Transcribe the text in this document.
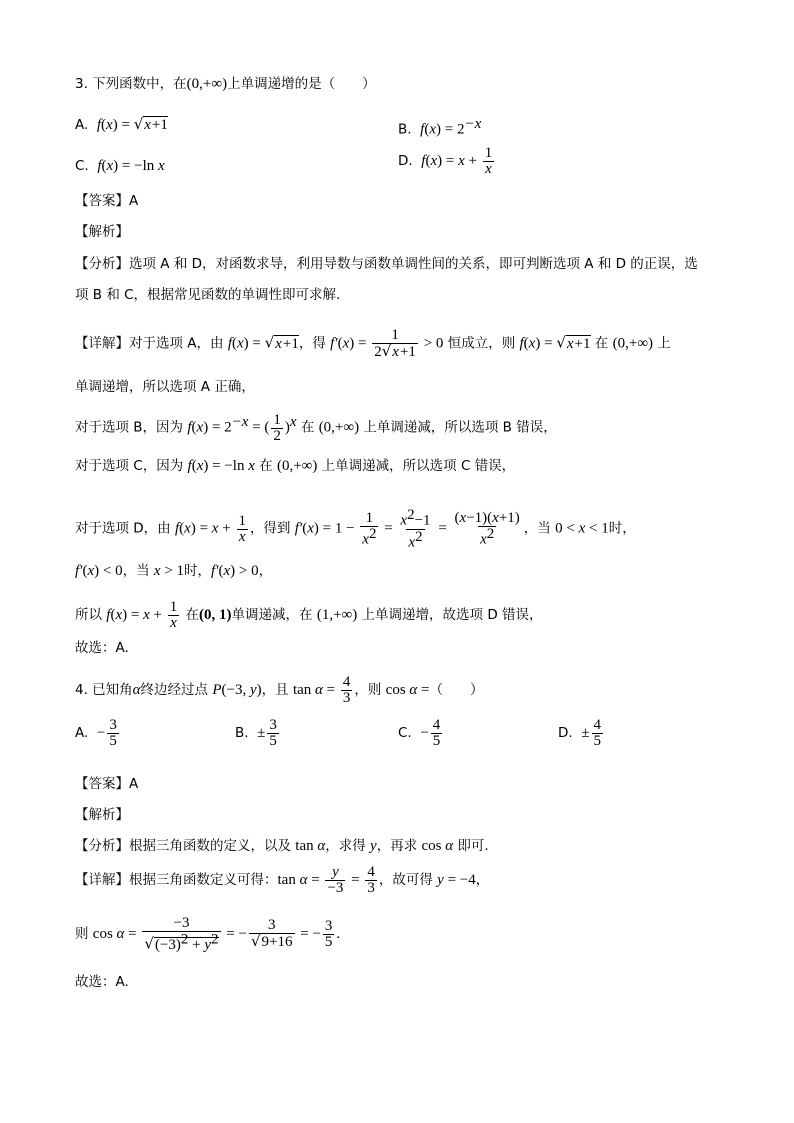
3. 下列函数中，在(0,+∞)上单调递增的是（　　）
A.  f(x) = √x+1	B.  $f(x) = 2^{-x}$
C.  f(x) = −ln x	D.  $f(x) = x + \frac{1}{x}$
【答案】A
【解析】
【分析】选项 A 和 D，对函数求导，利用导数与函数单调性间的关系，即可判断选项 A 和 D 的正误，选
项 B 和 C，根据常见函数的单调性即可求解.
【详解】对于选项 A，由 f(x) = √x+1，得 $f'(x) = \frac{1}{2√x+1} > 0$ 恒成立，则 f(x) = √x+1 在 (0,+∞) 上
单调递增，所以选项 A 正确，
对于选项 B，因为 $f(x) = 2^{-x}$ = ( $\frac{1}{2} )^x$ 在 (0,+∞) 上单调递减，所以选项 B 错误，
对于选项 C，因为 f(x) = −ln x 在 (0,+∞) 上单调递减，所以选项 C 错误，
对于选项 D，由 $f(x) = x + \frac{1}{x}$ ，得到 $f'(x) = 1 - \frac{1}{x^2} = \frac{x^2-1}{x^2} = \frac{(x-1)(x+1)}{x^2}$ ，当 0 < x < 1时，
f′(x) < 0，当 x > 1时，f′(x) > 0，
所以 $f(x) = x + \frac{1}{x}$ 在(0, 1)单调递减，在 (1,+∞) 上单调递增，故选项 D 错误，
故选：A.
4. 已知角α终边经过点 P(−3, y)，且 $\tan \alpha = \frac{4}{3}$ ，则 cos α =（　　）
A.  − $\frac{3}{5}$	B.  ± $\frac{3}{5}$	C.  − $\frac{4}{5}$	D.  ± $\frac{4}{5}$
【答案】A
【解析】
【分析】根据三角函数的定义，以及 tan α，求得 y，再求 cos α 即可.
【详解】根据三角函数定义可得：$\tan \alpha = \frac{y}{-3} = \frac{4}{3}$ ，故可得 y = −4，
则 $\cos \alpha = \frac{-3}{√(-3)^2 + y^2}$ = − $\frac{3}{√9+16}$ = − $\frac{3}{5}$ .
故选：A.
